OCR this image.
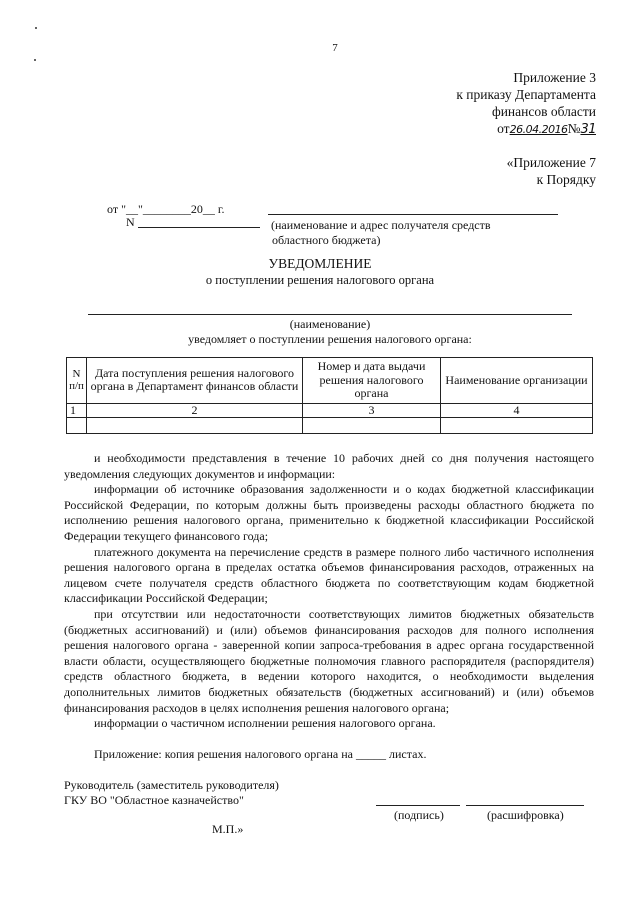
7
Приложение 3
к приказу Департамента
финансов области
от26.04.2016№31
«Приложение 7
к Порядку
от "__"________20__ г.
N	(наименование и адрес получателя средств
областного бюджета)
УВЕДОМЛЕНИЕ
о поступлении решения налогового органа
(наименование)
уведомляет о поступлении решения налогового органа:
N п/п	Дата поступления решения налогового органа в Департамент финансов области	Номер и дата выдачи решения налогового органа	Наименование организации
1	2	3	4

и необходимости представления в течение 10 рабочих дней со дня получения настоящего уведомления следующих документов и информации:

информации об источнике образования задолженности и о кодах бюджетной классификации Российской Федерации, по которым должны быть произведены расходы областного бюджета по исполнению решения налогового органа, применительно к бюджетной классификации Российской Федерации текущего финансового года;

платежного документа на перечисление средств в размере полного либо частичного исполнения решения налогового органа в пределах остатка объемов финансирования расходов, отраженных на лицевом счете получателя средств областного бюджета по соответствующим кодам бюджетной классификации Российской Федерации;

при отсутствии или недостаточности соответствующих лимитов бюджетных обязательств (бюджетных ассигнований) и (или) объемов финансирования расходов для полного исполнения решения налогового органа - заверенной копии запроса-требования в адрес органа государственной власти области, осуществляющего бюджетные полномочия главного распорядителя (распорядителя) средств областного бюджета, в ведении которого находится, о необходимости выделения дополнительных лимитов бюджетных обязательств (бюджетных ассигнований) и (или) объемов финансирования расходов в целях исполнения решения налогового органа;

информации о частичном исполнении решения налогового органа.

Приложение: копия решения налогового органа на _____ листах.
Руководитель (заместитель руководителя)
ГКУ ВО "Областное казначейство"
(подпись)	(расшифровка)
М.П.»
